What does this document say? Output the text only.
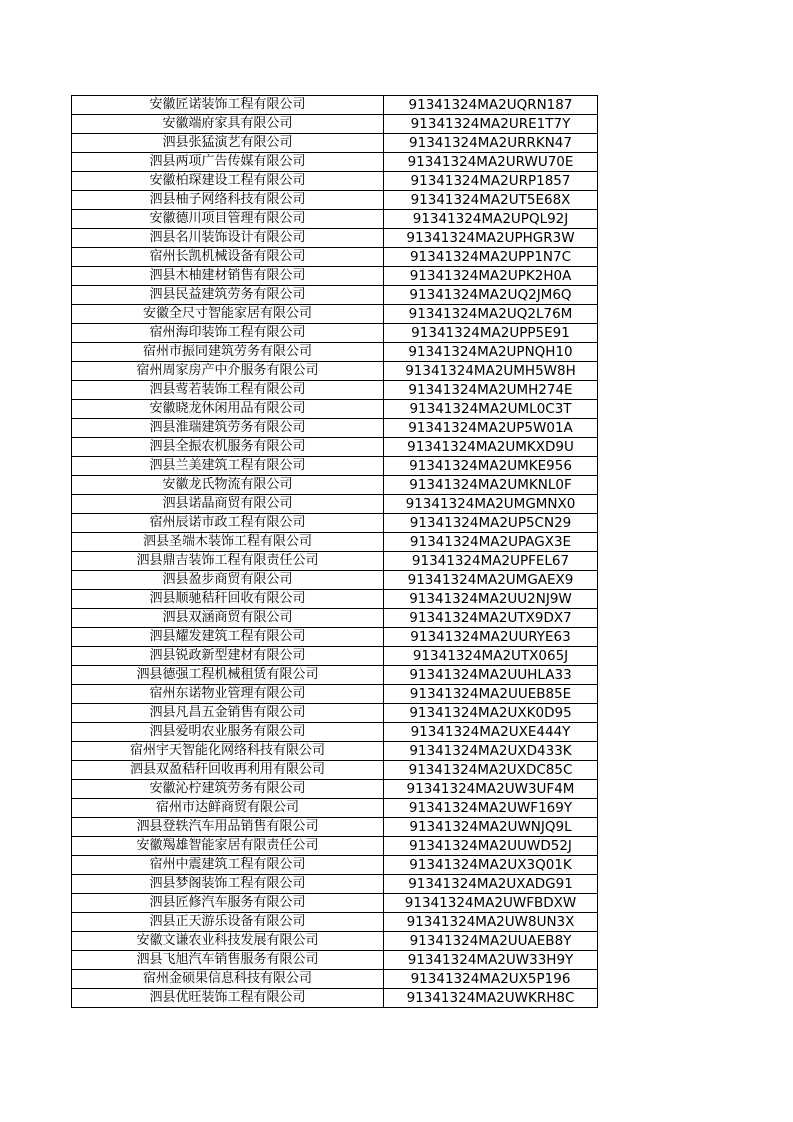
安徽匠诺装饰工程有限公司	91341324MA2UQRN187
安徽端府家具有限公司	91341324MA2URE1T7Y
泗县张猛演艺有限公司	91341324MA2URRKN47
泗县两项广告传媒有限公司	91341324MA2URWU70E
安徽柏琛建设工程有限公司	91341324MA2URP1857
泗县柚子网络科技有限公司	91341324MA2UT5E68X
安徽德川项目管理有限公司	91341324MA2UPQL92J
泗县名川装饰设计有限公司	91341324MA2UPHGR3W
宿州长凯机械设备有限公司	91341324MA2UPP1N7C
泗县木柚建材销售有限公司	91341324MA2UPK2H0A
泗县民益建筑劳务有限公司	91341324MA2UQ2JM6Q
安徽全尺寸智能家居有限公司	91341324MA2UQ2L76M
宿州海印装饰工程有限公司	91341324MA2UPP5E91
宿州市振同建筑劳务有限公司	91341324MA2UPNQH10
宿州周家房产中介服务有限公司	91341324MA2UMH5W8H
泗县莺若装饰工程有限公司	91341324MA2UMH274E
安徽晓龙休闲用品有限公司	91341324MA2UML0C3T
泗县淮瑞建筑劳务有限公司	91341324MA2UP5W01A
泗县全振农机服务有限公司	91341324MA2UMKXD9U
泗县兰美建筑工程有限公司	91341324MA2UMKE956
安徽龙氏物流有限公司	91341324MA2UMKNL0F
泗县诺晶商贸有限公司	91341324MA2UMGMNX0
宿州辰诺市政工程有限公司	91341324MA2UP5CN29
泗县圣端木装饰工程有限公司	91341324MA2UPAGX3E
泗县鼎吉装饰工程有限责任公司	91341324MA2UPFEL67
泗县盈步商贸有限公司	91341324MA2UMGAEX9
泗县顺驰秸秆回收有限公司	91341324MA2UU2NJ9W
泗县双涵商贸有限公司	91341324MA2UTX9DX7
泗县耀发建筑工程有限公司	91341324MA2UURYE63
泗县锐政新型建材有限公司	91341324MA2UTX065J
泗县德强工程机械租赁有限公司	91341324MA2UUHLA33
宿州东诺物业管理有限公司	91341324MA2UUEB85E
泗县凡昌五金销售有限公司	91341324MA2UXK0D95
泗县爱明农业服务有限公司	91341324MA2UXE444Y
宿州宇天智能化网络科技有限公司	91341324MA2UXD433K
泗县双盈秸秆回收再利用有限公司	91341324MA2UXDC85C
安徽沁柠建筑劳务有限公司	91341324MA2UW3UF4M
宿州市达鲜商贸有限公司	91341324MA2UWF169Y
泗县登轶汽车用品销售有限公司	91341324MA2UWNJQ9L
安徽羯雄智能家居有限责任公司	91341324MA2UUWD52J
宿州中震建筑工程有限公司	91341324MA2UX3Q01K
泗县梦阁装饰工程有限公司	91341324MA2UXADG91
泗县匠修汽车服务有限公司	91341324MA2UWFBDXW
泗县正天游乐设备有限公司	91341324MA2UW8UN3X
安徽文谦农业科技发展有限公司	91341324MA2UUAEB8Y
泗县飞旭汽车销售服务有限公司	91341324MA2UW33H9Y
宿州金硕果信息科技有限公司	91341324MA2UX5P196
泗县优旺装饰工程有限公司	91341324MA2UWKRH8C
